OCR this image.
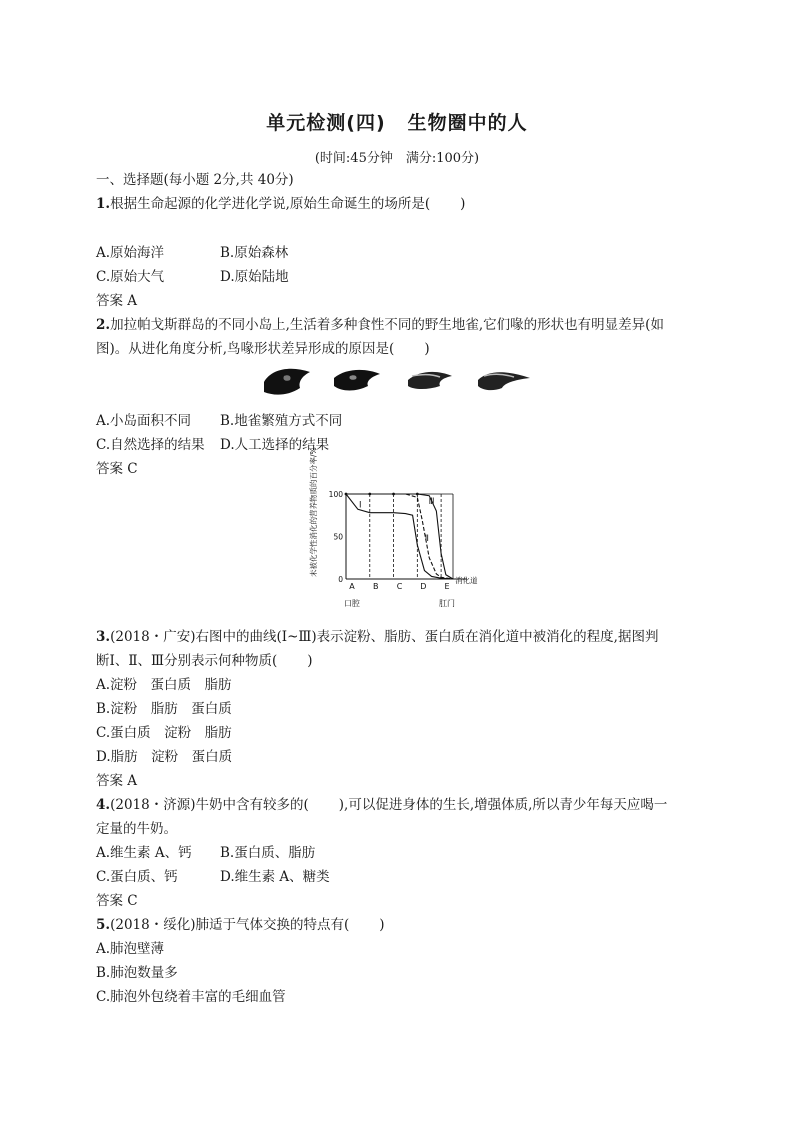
单元检测(四) 生物圈中的人
(时间:45分钟　满分:100分)
一、选择题(每小题 2分,共 40分)
1.根据生命起源的化学进化学说,原始生命诞生的场所是( )
A.原始海洋	B.原始森林
C.原始大气	D.原始陆地
答案 A
2.加拉帕戈斯群岛的不同小岛上,生活着多种食性不同的野生地雀,它们喙的形状也有明显差异(如
图)。从进化角度分析,鸟喙形状差异形成的原因是( )
A.小岛面积不同 B.地雀繁殖方式不同
C.自然选择的结果 D.人工选择的结果
答案 C	未被化学性消化的营养物质的百分率/%
0
50
100
A B C D E
口腔	肛门
消化道
Ⅰ
Ⅱ
Ⅲ
3.(2018・广安)右图中的曲线(Ⅰ~Ⅲ)表示淀粉、脂肪、蛋白质在消化道中被消化的程度,据图判
断Ⅰ、Ⅱ、Ⅲ分别表示何种物质( )
A.淀粉　蛋白质　脂肪
B.淀粉　脂肪　蛋白质
C.蛋白质　淀粉　脂肪
D.脂肪　淀粉　蛋白质
答案 A
4.(2018・济源)牛奶中含有较多的( ),可以促进身体的生长,增强体质,所以青少年每天应喝一
定量的牛奶。
A.维生素 A、钙 B.蛋白质、脂肪
C.蛋白质、钙	D.维生素 A、糖类
答案 C
5.(2018・绥化)肺适于气体交换的特点有( )
A.肺泡壁薄
B.肺泡数量多
C.肺泡外包绕着丰富的毛细血管
